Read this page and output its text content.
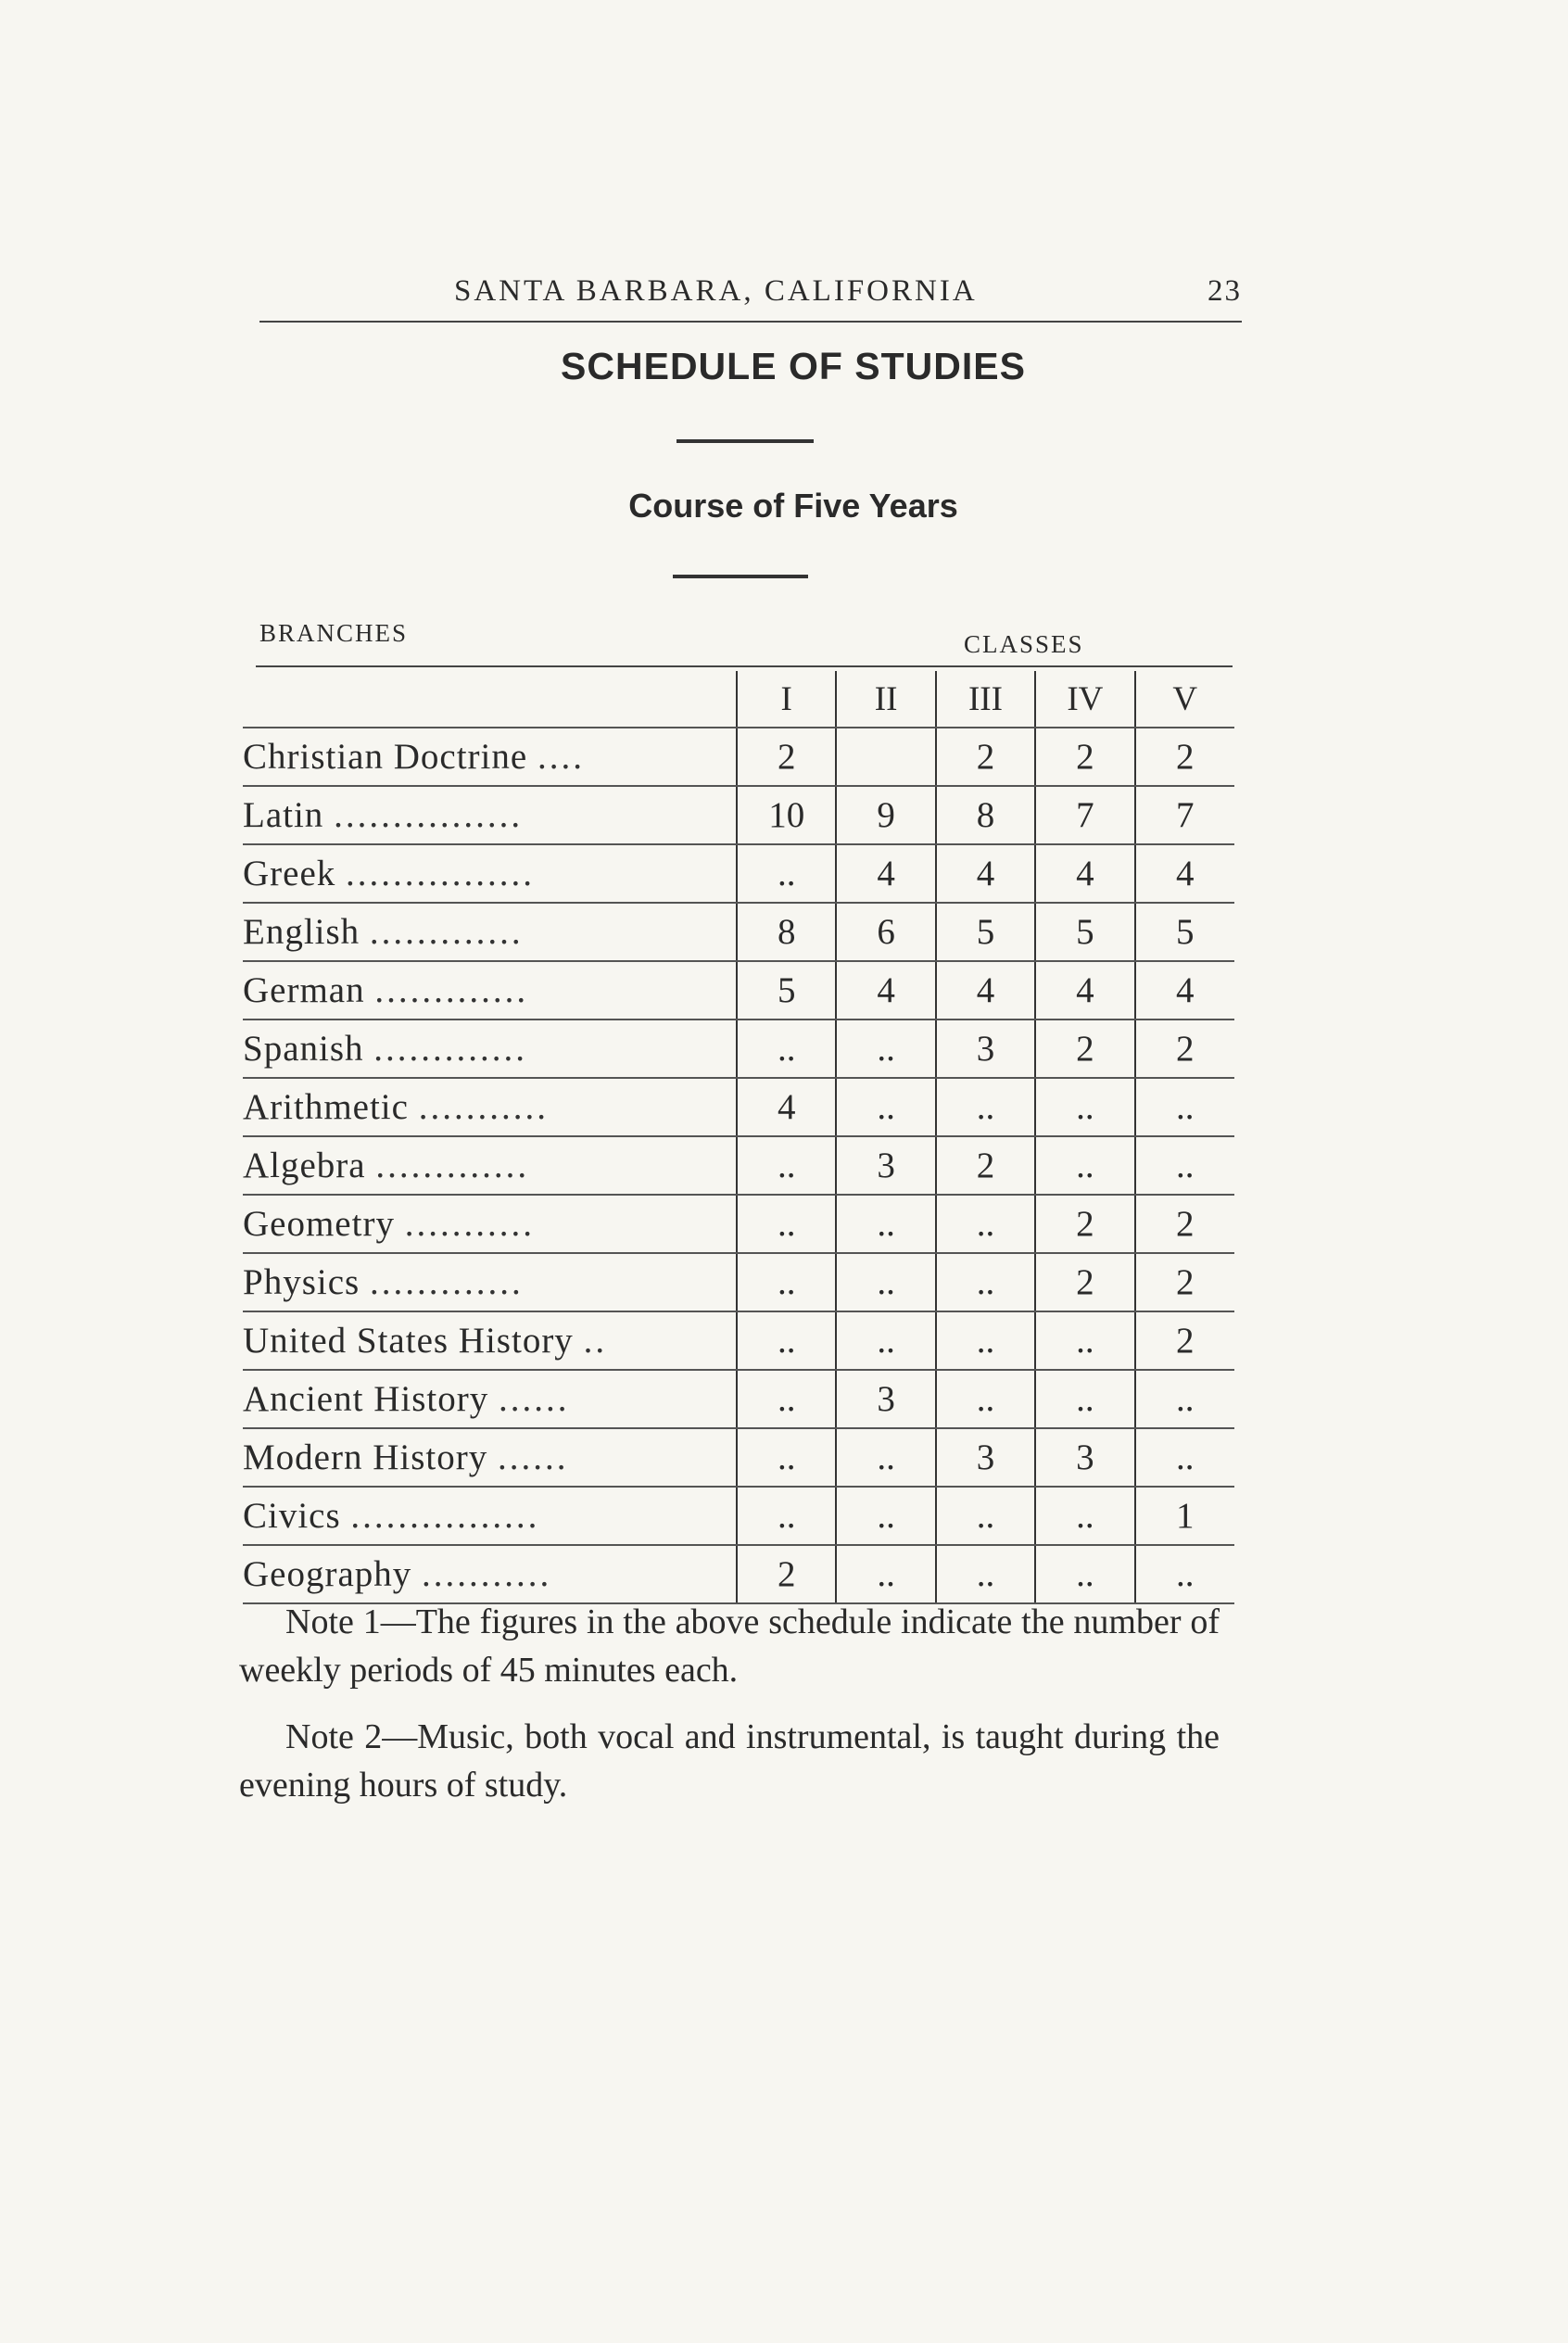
SANTA BARBARA, CALIFORNIA	23
SCHEDULE OF STUDIES
Course of Five Years
BRANCHES	CLASSES
	I	II	III	IV	V
Christian Doctrine ....	2		2	2	2
Latin ................	10	9	8	7	7
Greek ................	..	4	4	4	4
English .............	8	6	5	5	5
German .............	5	4	4	4	4
Spanish .............	..	..	3	2	2
Arithmetic ...........	4	..	..	..	..
Algebra .............	..	3	2	..	..
Geometry ...........	..	..	..	2	2
Physics .............	..	..	..	2	2
United States History ..	..	..	..	..	2
Ancient History ......	..	3	..	..	..
Modern History ......	..	..	3	3	..
Civics ................	..	..	..	..	1
Geography ...........	2	..	..	..	..

Note 1—The figures in the above schedule indicate the number of weekly periods of 45 minutes each.

Note 2—Music, both vocal and instrumental, is taught during the evening hours of study.
